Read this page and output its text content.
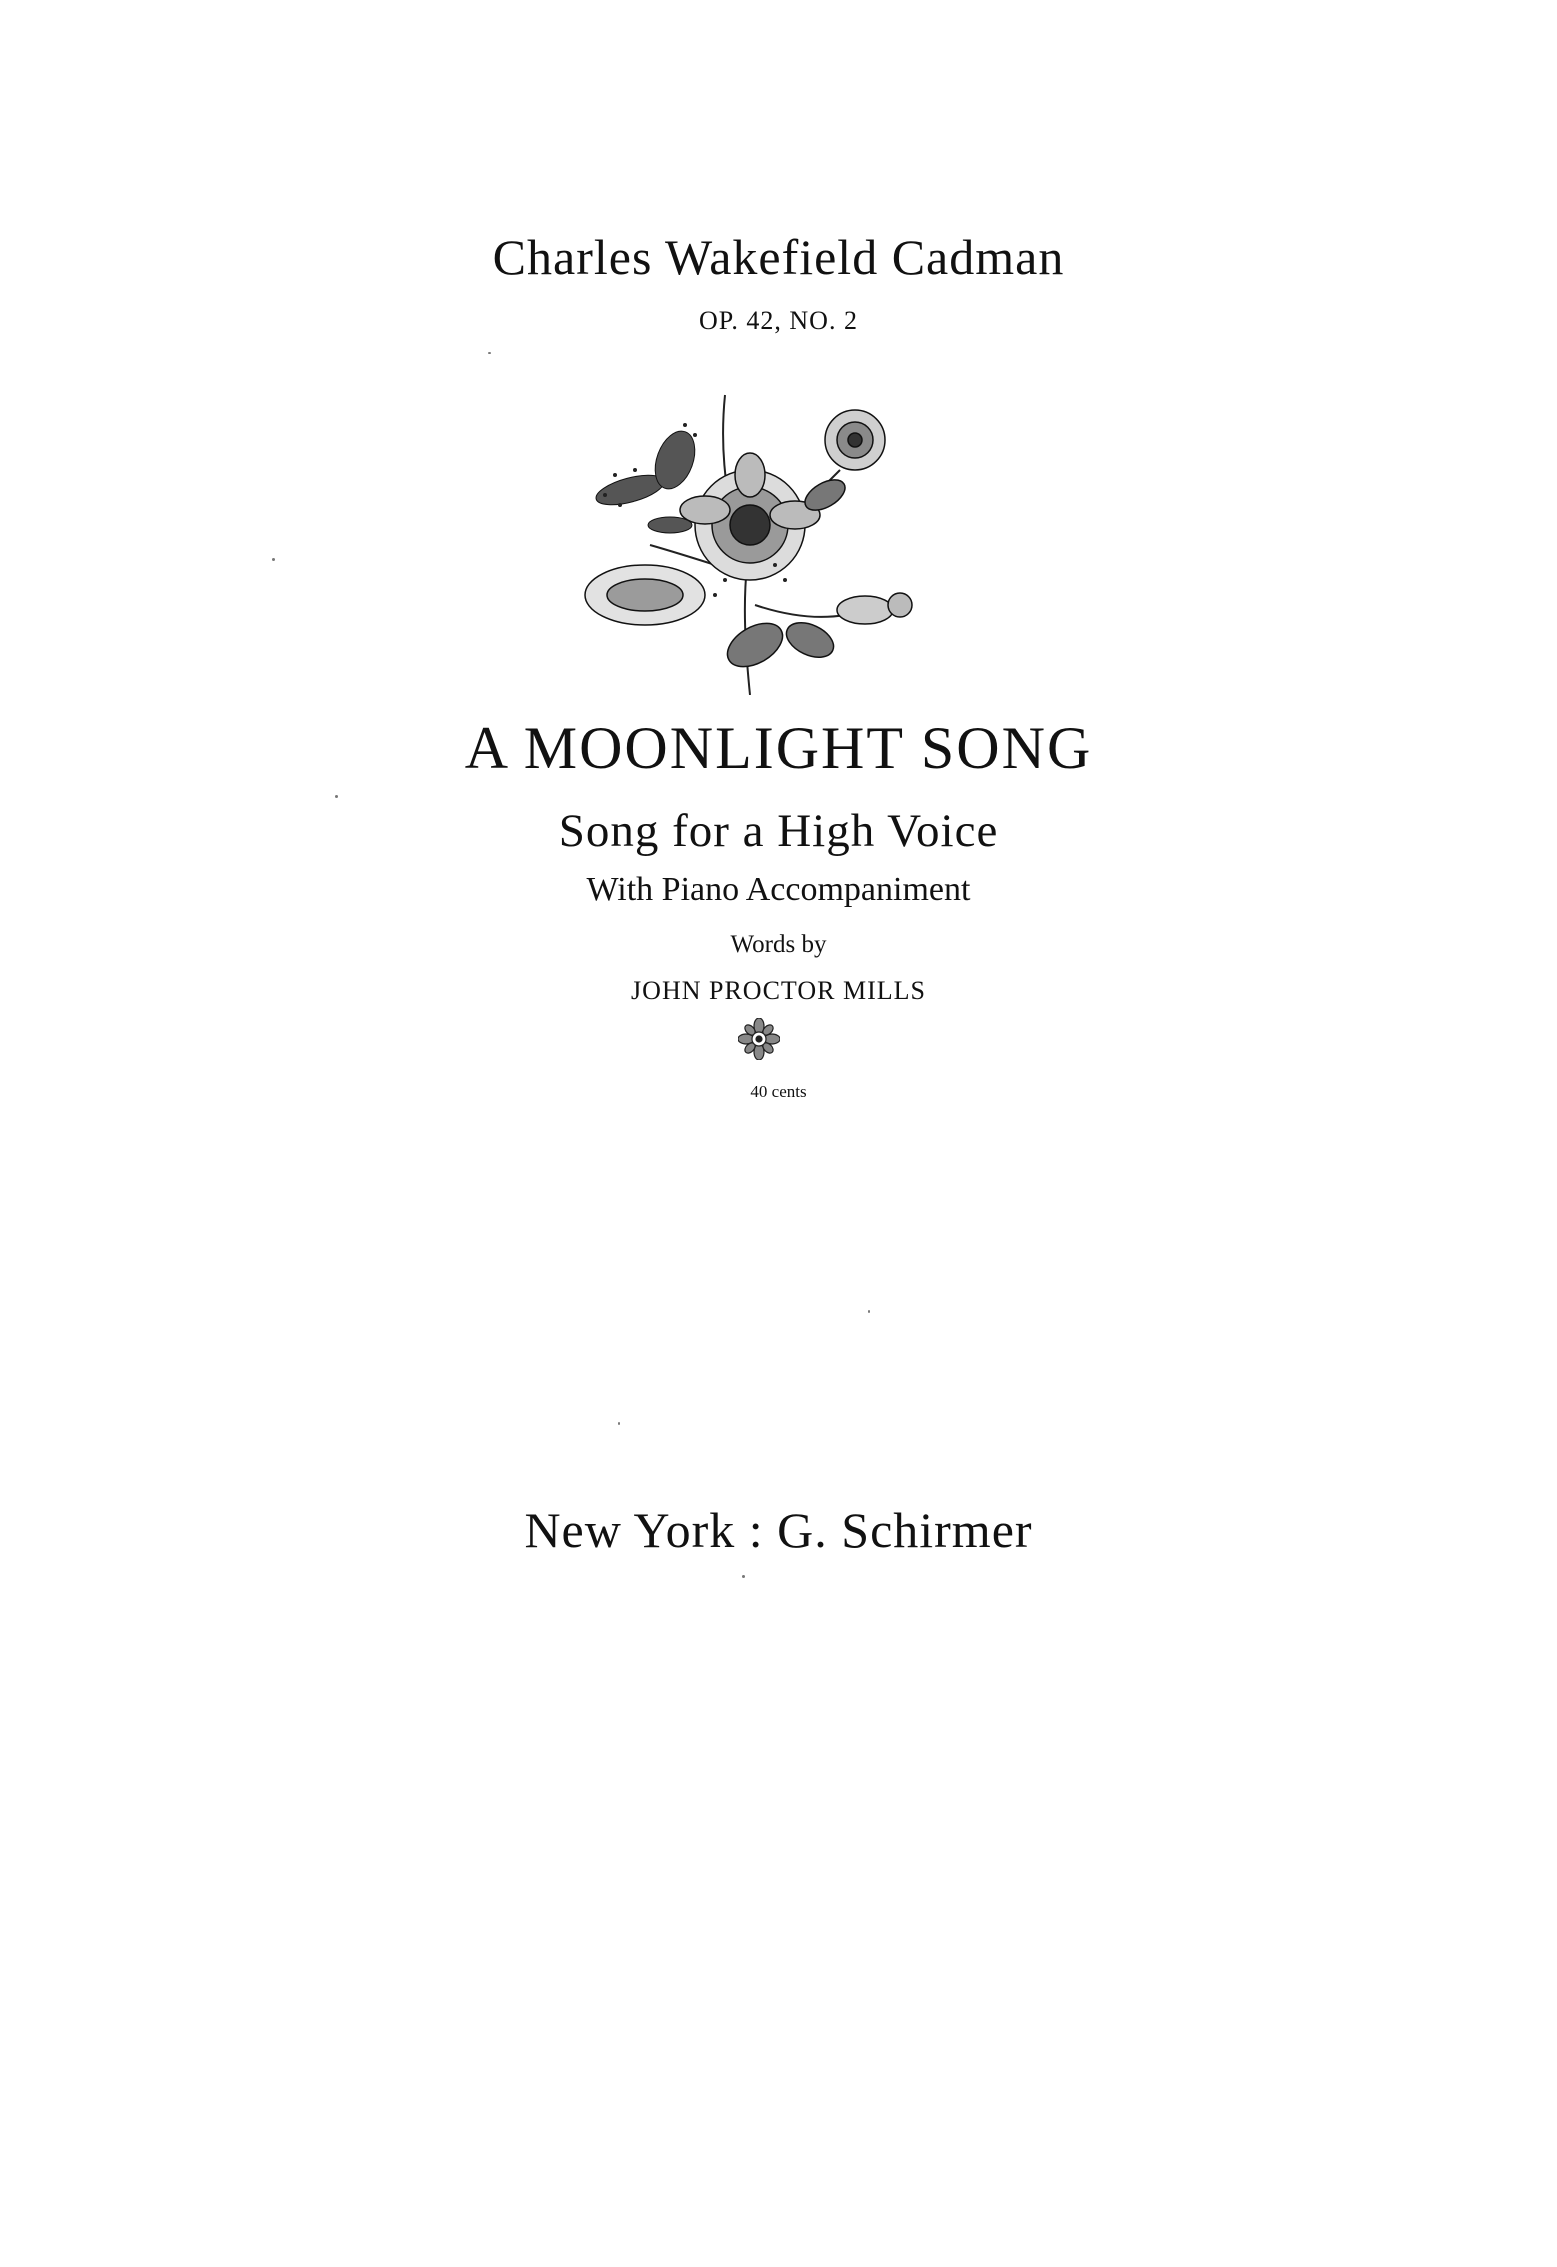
Charles Wakefield Cadman
OP. 42, NO. 2
A MOONLIGHT SONG
Song for a High Voice
With Piano Accompaniment
Words by
JOHN PROCTOR MILLS
40 cents
New York : G. Schirmer
